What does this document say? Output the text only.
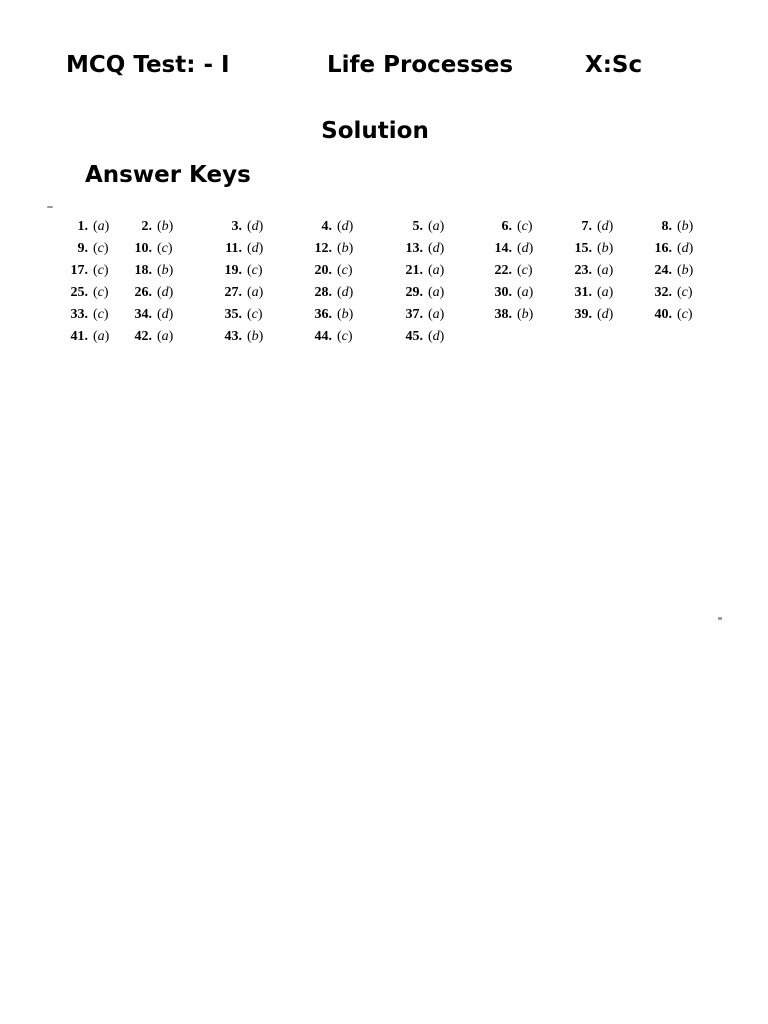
MCQ Test: - I	Life Processes	X:Sc
Solution
Answer Keys
1. (a)	2. (b)	3. (d)	4. (d)	5. (a)	6. (c)	7. (d)	8. (b)
9. (c)	10. (c)	11. (d)	12. (b)	13. (d)	14. (d)	15. (b)	16. (d)
17. (c)	18. (b)	19. (c)	20. (c)	21. (a)	22. (c)	23. (a)	24. (b)
25. (c)	26. (d)	27. (a)	28. (d)	29. (a)	30. (a)	31. (a)	32. (c)
33. (c)	34. (d)	35. (c)	36. (b)	37. (a)	38. (b)	39. (d)	40. (c)
41. (a)	42. (a)	43. (b)	44. (c)	45. (d)
